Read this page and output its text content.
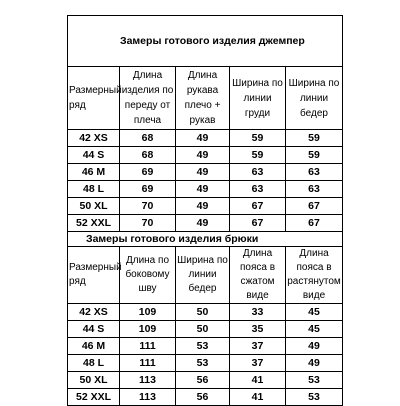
Замеры готового изделия джемпер				
Размерный ряд	Длина изделия по переду от плеча	Длина рукава плечо + рукав	Ширина по линии груди	Ширина по линии бедер
42 XS	68	49	59	59
44 S	68	49	59	59
46 M	69	49	63	63
48 L	69	49	63	63
50 XL	70	49	67	67
52 XXL	70	49	67	67
Замеры готового изделия брюки				
Размерный ряд	Длина по боковому шву	Ширина по линии бедер	Длина пояса в сжатом виде	Длина пояса в растянутом виде
42 XS	109	50	33	45
44 S	109	50	35	45
46 M	111	53	37	49
48 L	111	53	37	49
50 XL	113	56	41	53
52 XXL	113	56	41	53
